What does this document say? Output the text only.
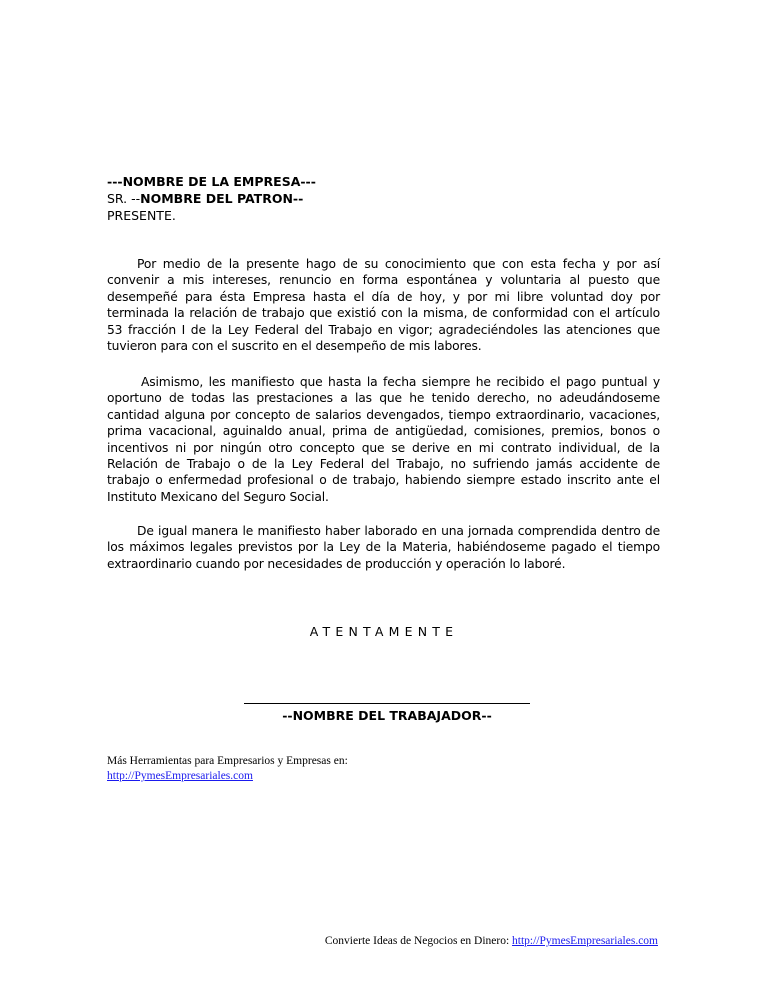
---NOMBRE DE LA EMPRESA---
SR. --NOMBRE DEL PATRON--
PRESENTE.
Por medio de la presente hago de su conocimiento que con esta fecha y por así convenir a mis intereses, renuncio en forma espontánea y voluntaria al puesto que desempeñé para ésta Empresa hasta el día de hoy, y por mi libre voluntad doy por terminada la relación de trabajo que existió con la misma, de conformidad con el artículo 53 fracción I de la Ley Federal del Trabajo en vigor; agradeciéndoles las atenciones que tuvieron para con el suscrito en el desempeño de mis labores.
Asimismo, les manifiesto que hasta la fecha siempre he recibido el pago puntual y oportuno de todas las prestaciones a las que he tenido derecho, no adeudándoseme cantidad alguna por concepto de salarios devengados, tiempo extraordinario, vacaciones, prima vacacional, aguinaldo anual, prima de antigüedad, comisiones, premios, bonos o incentivos ni por ningún otro concepto que se derive en mi contrato individual, de la Relación de Trabajo o de la Ley Federal del Trabajo, no sufriendo jamás accidente de trabajo o enfermedad profesional o de trabajo, habiendo siempre estado inscrito ante el Instituto Mexicano del Seguro Social.
De igual manera le manifiesto haber laborado en una jornada comprendida dentro de los máximos legales previstos por la Ley de la Materia, habiéndoseme pagado el tiempo extraordinario cuando por necesidades de producción y operación lo laboré.
ATENTAMENTE
--NOMBRE DEL TRABAJADOR--
Más Herramientas para Empresarios y Empresas en:
http://PymesEmpresariales.com
Convierte Ideas de Negocios en Dinero: http://PymesEmpresariales.com
